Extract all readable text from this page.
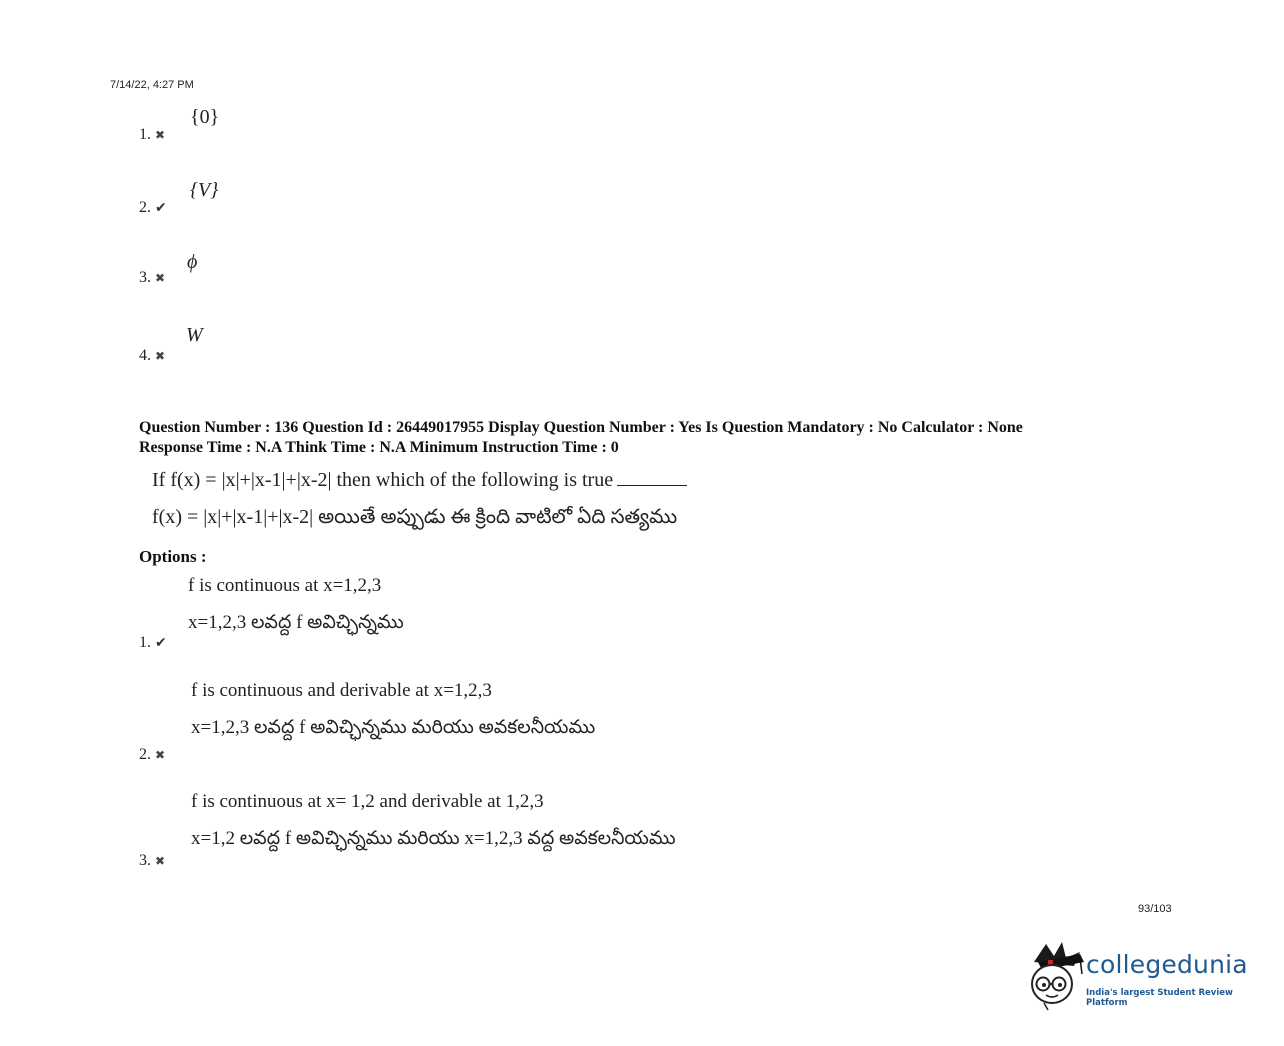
7/14/22, 4:27 PM
1. ✖
{0}
2. ✔
{V}
3. ✖
ϕ
4. ✖
W
Question Number : 136 Question Id : 26449017955 Display Question Number : Yes Is Question Mandatory : No Calculator : None
Response Time : N.A Think Time : N.A Minimum Instruction Time : 0
If f(x) = |x|+|x-1|+|x-2| then which of the following is true
f(x) = |x|+|x-1|+|x-2| అయితే అప్పుడు ఈ క్రింది వాటిలో ఏది సత్యము
Options :
f is continuous at x=1,2,3
x=1,2,3 లవద్ద f అవిచ్ఛిన్నము
1. ✔
f is continuous and derivable at x=1,2,3
x=1,2,3 లవద్ద f అవిచ్ఛిన్నము మరియు అవకలనీయము
2. ✖
f is continuous at x= 1,2 and derivable at 1,2,3
x=1,2 లవద్ద f అవిచ్ఛిన్నము మరియు x=1,2,3 వద్ద అవకలనీయము
3. ✖
93/103
collegedunia
India's largest Student Review Platform
